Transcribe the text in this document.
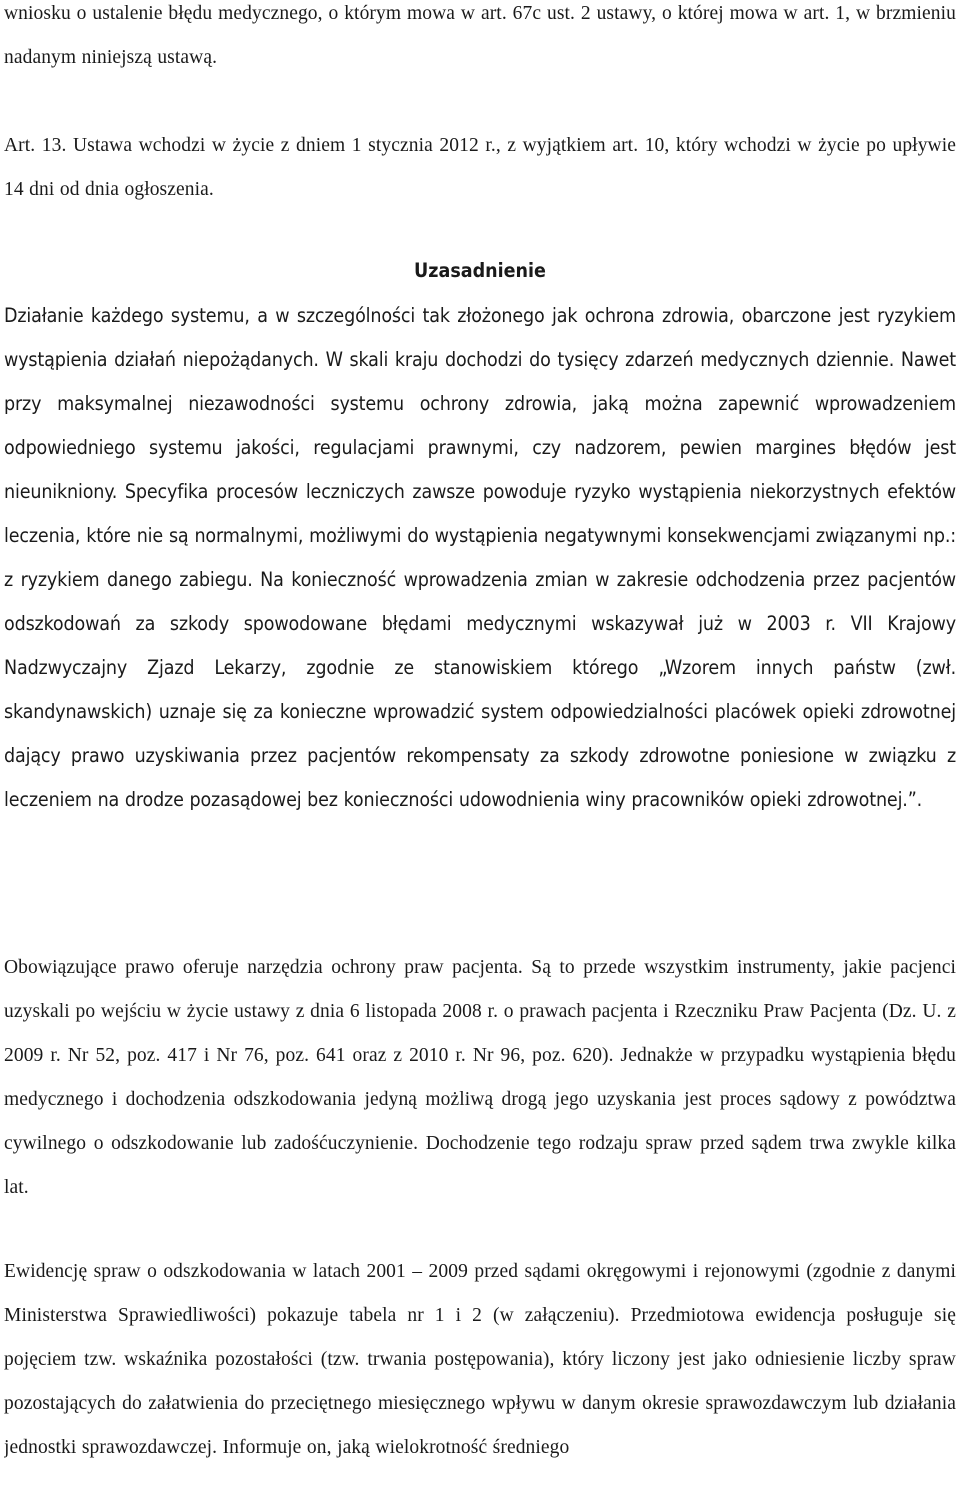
wniosku o ustalenie błędu medycznego, o którym mowa w art. 67c ust. 2 ustawy, o której mowa w art. 1, w brzmieniu nadanym niniejszą ustawą.

Art. 13. Ustawa wchodzi w życie z dniem 1 stycznia 2012 r., z wyjątkiem art. 10, który wchodzi w życie po upływie 14 dni od dnia ogłoszenia.

Uzasadnienie

Działanie każdego systemu, a w szczególności tak złożonego jak ochrona zdrowia, obarczone jest ryzykiem wystąpienia działań niepożądanych. W skali kraju dochodzi do tysięcy zdarzeń medycznych dziennie. Nawet przy maksymalnej niezawodności systemu ochrony zdrowia, jaką można zapewnić wprowadzeniem odpowiedniego systemu jakości, regulacjami prawnymi, czy nadzorem, pewien margines błędów jest nieunikniony. Specyfika procesów leczniczych zawsze powoduje ryzyko wystąpienia niekorzystnych efektów leczenia, które nie są normalnymi, możliwymi do wystąpienia negatywnymi konsekwencjami związanymi np.: z ryzykiem danego zabiegu. Na konieczność wprowadzenia zmian w zakresie odchodzenia przez pacjentów odszkodowań za szkody spowodowane błędami medycznymi wskazywał już w 2003 r. VII Krajowy Nadzwyczajny Zjazd Lekarzy, zgodnie ze stanowiskiem którego „Wzorem innych państw (zwł. skandynawskich) uznaje się za konieczne wprowadzić system odpowiedzialności placówek opieki zdrowotnej dający prawo uzyskiwania przez pacjentów rekompensaty za szkody zdrowotne poniesione w związku z leczeniem na drodze pozasądowej bez konieczności udowodnienia winy pracowników opieki zdrowotnej.”.

Obowiązujące prawo oferuje narzędzia ochrony praw pacjenta. Są to przede wszystkim instrumenty, jakie pacjenci uzyskali po wejściu w życie ustawy z dnia 6 listopada 2008 r. o prawach pacjenta i Rzeczniku Praw Pacjenta (Dz. U. z 2009 r. Nr 52, poz. 417 i Nr 76, poz. 641 oraz z 2010 r. Nr 96, poz. 620). Jednakże w przypadku wystąpienia błędu medycznego i dochodzenia odszkodowania jedyną możliwą drogą jego uzyskania jest proces sądowy z powództwa cywilnego o odszkodowanie lub zadośćuczynienie. Dochodzenie tego rodzaju spraw przed sądem trwa zwykle kilka lat.

Ewidencję spraw o odszkodowania w latach 2001 – 2009 przed sądami okręgowymi i rejonowymi (zgodnie z danymi Ministerstwa Sprawiedliwości) pokazuje tabela nr 1 i 2 (w załączeniu). Przedmiotowa ewidencja posługuje się pojęciem tzw. wskaźnika pozostałości (tzw. trwania postępowania), który liczony jest jako odniesienie liczby spraw pozostających do załatwienia do przeciętnego miesięcznego wpływu w danym okresie sprawozdawczym lub działania jednostki sprawozdawczej. Informuje on, jaką wielokrotność średniego
